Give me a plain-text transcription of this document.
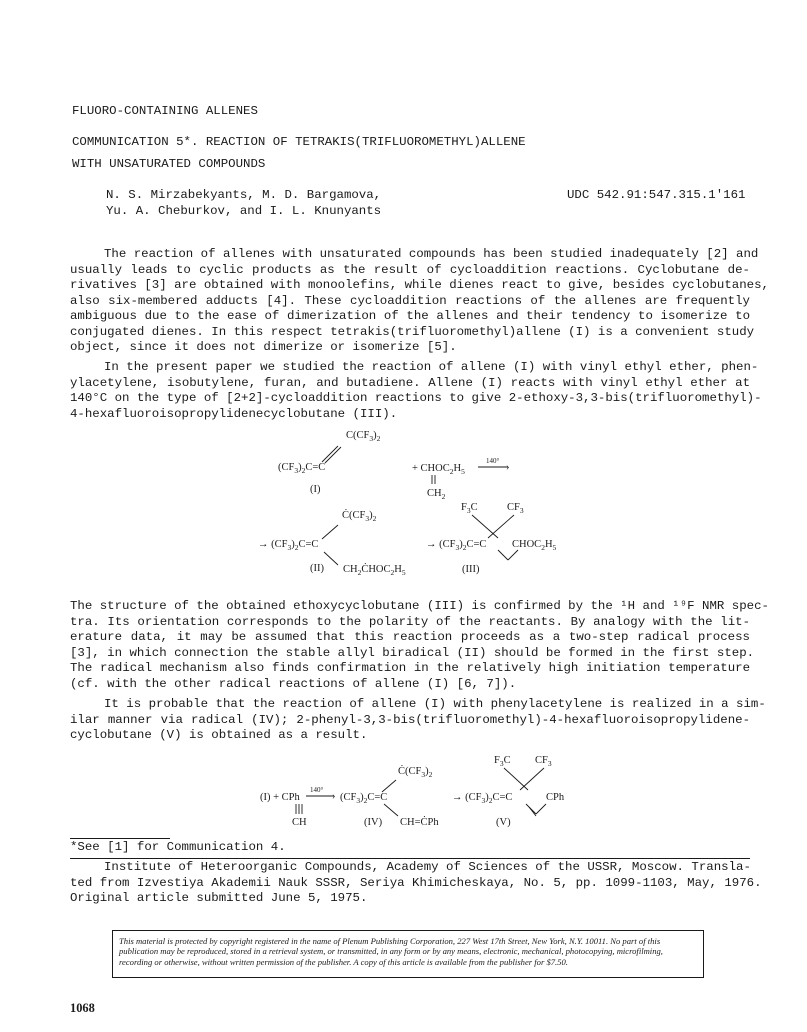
FLUORO-CONTAINING ALLENES
COMMUNICATION 5*. REACTION OF TETRAKIS(TRIFLUOROMETHYL)ALLENE
WITH UNSATURATED COMPOUNDS
N. S. Mirzabekyants, M. D. Bargamova,
Yu. A. Cheburkov, and I. L. Knunyants
UDC 542.91:547.315.1'161
The reaction of allenes with unsaturated compounds has been studied inadequately [2] and
usually leads to cyclic products as the result of cycloaddition reactions. Cyclobutane de-
rivatives [3] are obtained with monoolefins, while dienes react to give, besides cyclobutanes,
also six-membered adducts [4]. These cycloaddition reactions of the allenes are frequently
ambiguous due to the ease of dimerization of the allenes and their tendency to isomerize to
conjugated dienes. In this respect tetrakis(trifluoromethyl)allene (I) is a convenient study
object, since it does not dimerize or isomerize [5].
In the present paper we studied the reaction of allene (I) with vinyl ethyl ether, phen-
ylacetylene, isobutylene, furan, and butadiene. Allene (I) reacts with vinyl ethyl ether at
140°C on the type of [2+2]-cycloaddition reactions to give 2-ethoxy-3,3-bis(trifluoromethyl)-
4-hexafluoroisopropylidenecyclobutane (III).
$C(CF_3)_2$
$(CF_3)_2C=C$
(I)
+ $CHOC_2H_5$
140°
›
$CH_2$
$Ċ(CF_3)_2$
→ $(CF_3)_2C=C$
(II) $CH_2ĊHOC_2H_5$
$F_3C$	$CF_3$
→ $(CF_3)_2C=C$ $CHOC_2H_5$
(III)
The structure of the obtained ethoxycyclobutane (III) is confirmed by the ¹H and ¹⁹F NMR spec-
tra. Its orientation corresponds to the polarity of the reactants. By analogy with the lit-
erature data, it may be assumed that this reaction proceeds as a two-step radical process
[3], in which connection the stable allyl biradical (II) should be formed in the first step.
The radical mechanism also finds confirmation in the relatively high initiation temperature
(cf. with the other radical reactions of allene (I) [6, 7]).
It is probable that the reaction of allene (I) with phenylacetylene is realized in a sim-
ilar manner via radical (IV); 2-phenyl-3,3-bis(trifluoromethyl)-4-hexafluoroisopropylidene-
cyclobutane (V) is obtained as a result.
(I) + CPh
140°
›
CH
$Ċ(CF_3)_2$
$(CF_3)_2C=C$
(IV) CH=ĊPh
$F_3C$ $CF_3$
→ $(CF_3)_2C=C$	CPh
(V)
*See [1] for Communication 4.
Institute of Heteroorganic Compounds, Academy of Sciences of the USSR, Moscow. Transla-
ted from Izvestiya Akademii Nauk SSSR, Seriya Khimicheskaya, No. 5, pp. 1099-1103, May, 1976.
Original article submitted June 5, 1975.
This material is protected by copyright registered in the name of Plenum Publishing Corporation, 227 West 17th Street, New York, N.Y. 10011. No part of this publication may be reproduced, stored in a retrieval system, or transmitted, in any form or by any means, electronic, mechanical, photocopying, microfilming, recording or otherwise, without written permission of the publisher. A copy of this article is available from the publisher for $7.50.
1068
